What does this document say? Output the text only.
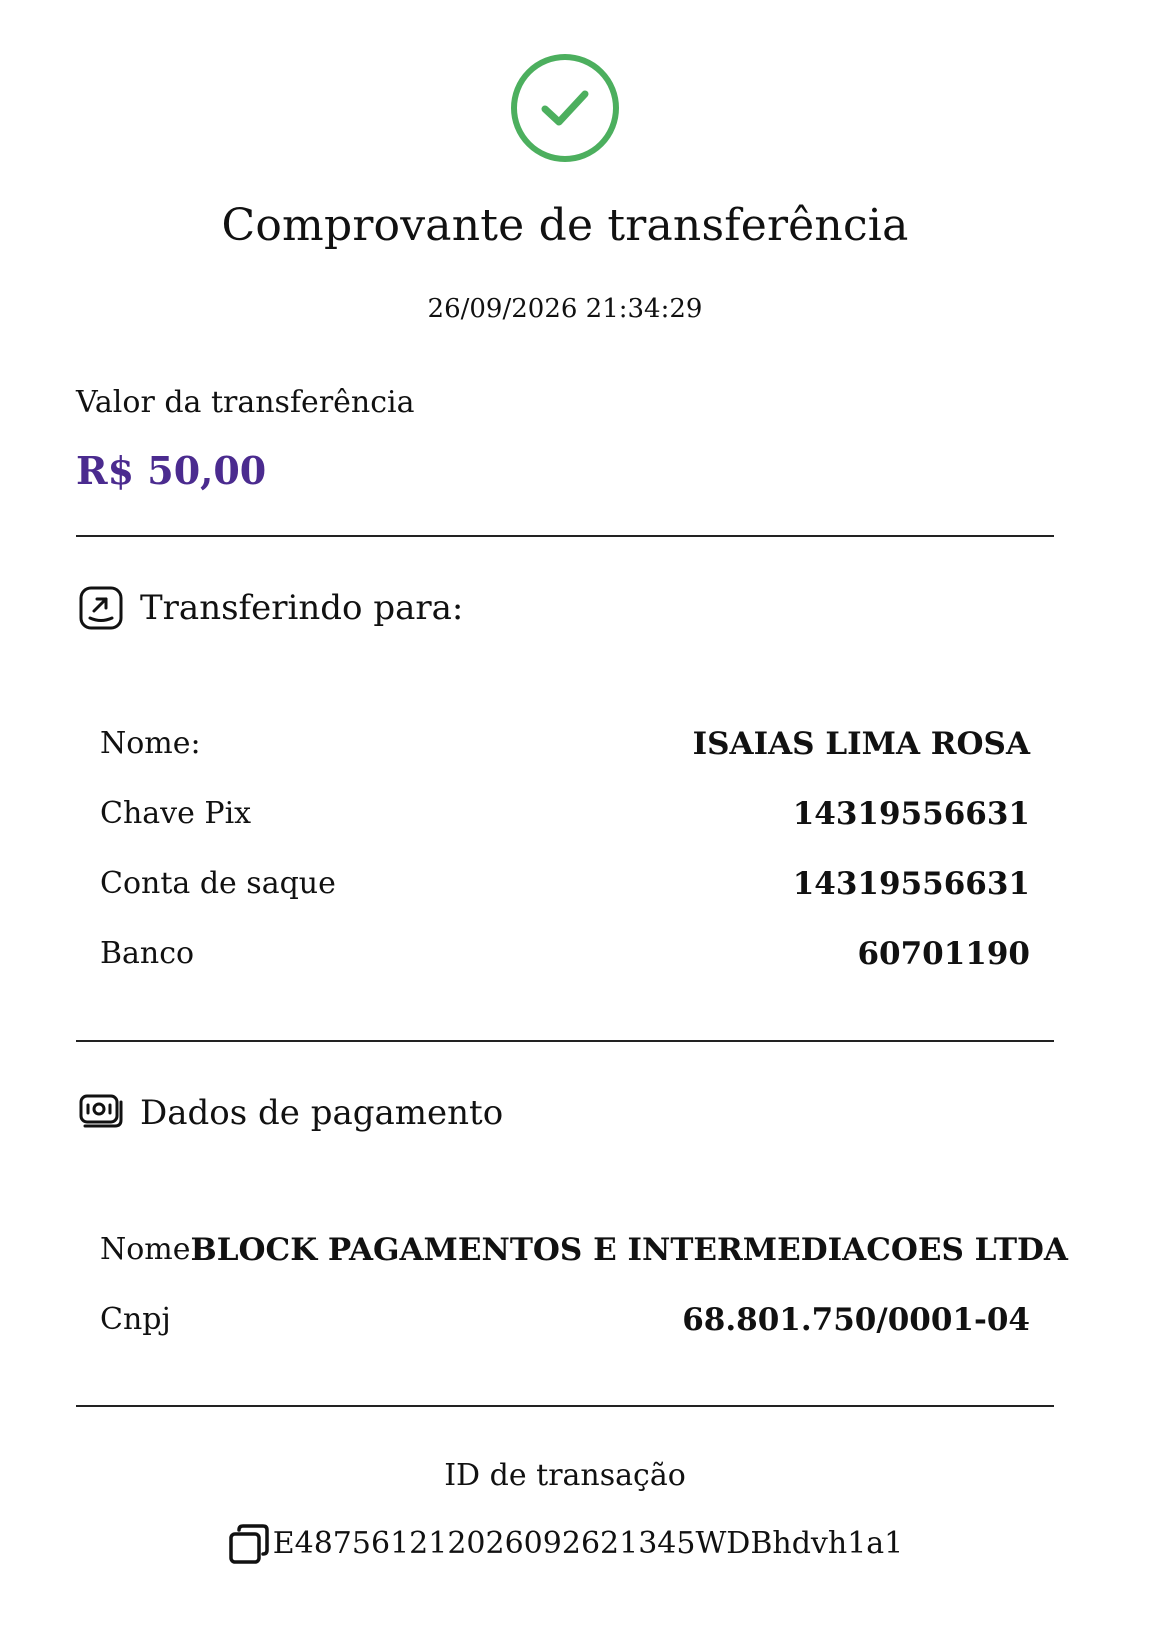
Comprovante de transferência
26/09/2026 21:34:29
Valor da transferência
R$ 50,00
Transferindo para:
Nome:	ISAIAS LIMA ROSA
Chave Pix	14319556631
Conta de saque	14319556631
Banco	60701190
Dados de pagamento
Nome BLOCK PAGAMENTOS E INTERMEDIACOES LTDA
Cnpj	68.801.750/0001-04
ID de transação
E487561212026092621345WDBhdvh1a1
